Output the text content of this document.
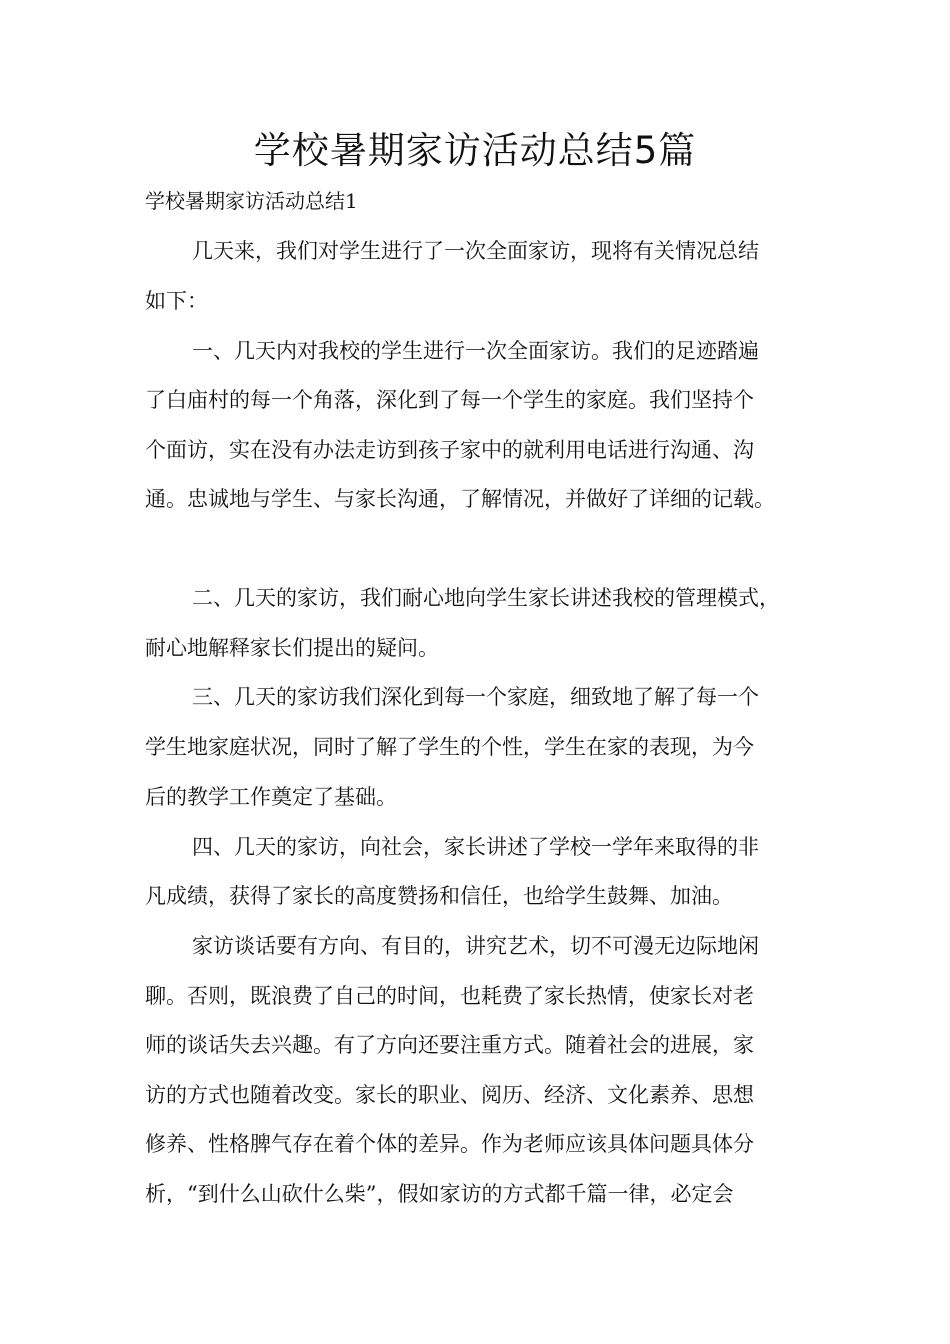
学校暑期家访活动总结5篇
学校暑期家访活动总结1
几天来，我们对学生进行了一次全面家访，现将有关情况总结
如下：
一、几天内对我校的学生进行一次全面家访。我们的足迹踏遍
了白庙村的每一个角落，深化到了每一个学生的家庭。我们坚持个
个面访，实在没有办法走访到孩子家中的就利用电话进行沟通、沟
通。忠诚地与学生、与家长沟通，了解情况，并做好了详细的记载。
二、几天的家访，我们耐心地向学生家长讲述我校的管理模式，
耐心地解释家长们提出的疑问。
三、几天的家访我们深化到每一个家庭，细致地了解了每一个
学生地家庭状况，同时了解了学生的个性，学生在家的表现，为今
后的教学工作奠定了基础。
四、几天的家访，向社会，家长讲述了学校一学年来取得的非
凡成绩，获得了家长的高度赞扬和信任，也给学生鼓舞、加油。
家访谈话要有方向、有目的，讲究艺术，切不可漫无边际地闲
聊。否则，既浪费了自己的时间，也耗费了家长热情，使家长对老
师的谈话失去兴趣。有了方向还要注重方式。随着社会的进展，家
访的方式也随着改变。家长的职业、阅历、经济、文化素养、思想
修养、性格脾气存在着个体的差异。作为老师应该具体问题具体分
析，“到什么山砍什么柴”，假如家访的方式都千篇一律，必定会
